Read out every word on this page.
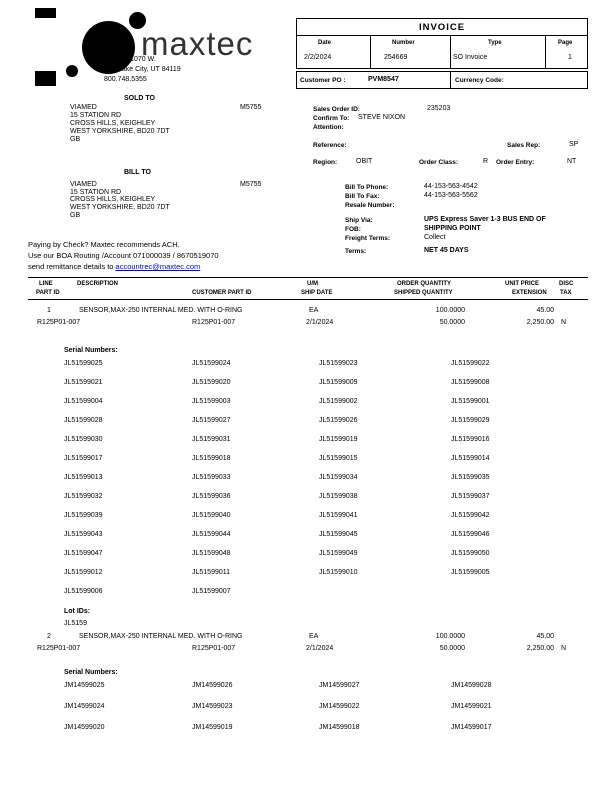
maxtec
2305 S. 1070 W.
Salt Lake City, UT 84119
800.748.5355
INVOICE
Date	Number	Type	Page
2/2/2024	254669	SO Invoice	1
Customer PO :	PVM8547	Currency Code:
SOLD TO
VIAMED	M5755
15 STATION RD
CROSS HILLS, KEIGHLEY
WEST YORKSHIRE, BD20 7DT
GB
Sales Order ID:	235203
Confirm To: STEVE NIXON
Attention:
Reference:	Sales Rep:	SP
Region:	OBIT	Order Class:	R Order Entry:	NT
BILL TO
VIAMED	M5755
15 STATION RD
CROSS HILLS, KEIGHLEY
WEST YORKSHIRE, BD20 7DT
GB
Bill To Phone:	44-153-563-4542
Bill To Fax:	44-153-563-5562
Resale Number:
Ship Via:	UPS Express Saver 1-3 BUS END OF
FOB:	SHIPPING POINT
Freight Terms:	Collect
Terms:	NET 45 DAYS
Paying by Check? Maxtec recommends ACH.
Use our BOA Routing /Account 071000039 / 8670519070
send remittance details to accountrec@maxtec.com
LINE	DESCRIPTION	U/M	ORDER QUANTITY	UNIT PRICE	DISC
PART ID	CUSTOMER PART ID	SHIP DATE	SHIPPED QUANTITY	EXTENSION TAX
1	SENSOR,MAX-250 INTERNAL MED. WITH O-RING	EA	100.0000	45.00
R125P01-007	R125P01-007	2/1/2024	50.0000	2,250.00 N
Serial Numbers:
JL51599025	JL51599024	JL51599023	JL51599022
JL51599021	JL51599020	JL51599009	JL51599008
JL51599004	JL51599003	JL51599002	JL51599001
JL51599028	JL51599027	JL51599026	JL51599029
JL51599030	JL51599031	JL51599019	JL51599016
JL51599017	JL51599018	JL51599015	JL51599014
JL51599013	JL51599033	JL51599034	JL51599035
JL51599032	JL51599036	JL51599038	JL51599037
JL51599039	JL51599040	JL51599041	JL51599042
JL51599043	JL51599044	JL51599045	JL51599046
JL51599047	JL51599048	JL51599049	JL51599050
JL51599012	JL51599011	JL51599010	JL51599005
JL51599006	JL51599007
Lot IDs:
JL5159
2	SENSOR,MAX-250 INTERNAL MED. WITH O-RING	EA	100.0000	45.00
R125P01-007	R125P01-007	2/1/2024	50.0000	2,250.00 N
Serial Numbers:
JM14599025	JM14599026	JM14599027	JM14599028
JM14599024	JM14599023	JM14599022	JM14599021
JM14599020	JM14599019	JM14599018	JM14599017
